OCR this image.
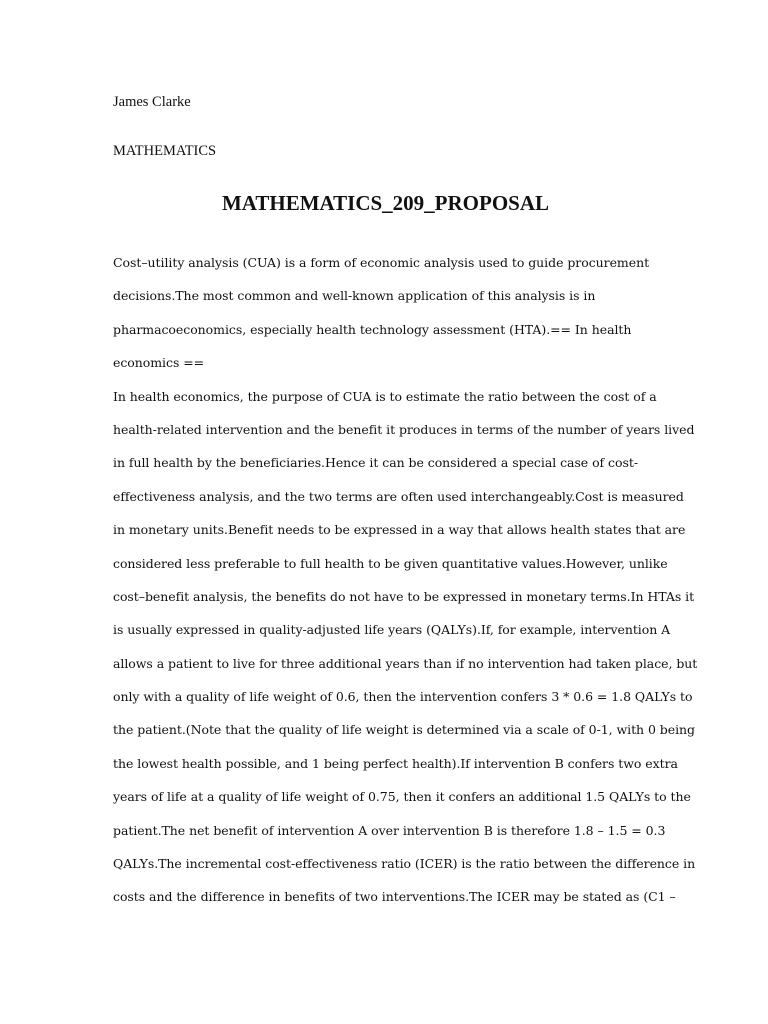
James Clarke
MATHEMATICS
MATHEMATICS_209_PROPOSAL
Cost–utility analysis (CUA) is a form of economic analysis used to guide procurement
decisions.The most common and well-known application of this analysis is in
pharmacoeconomics, especially health technology assessment (HTA).== In health
economics ==
In health economics, the purpose of CUA is to estimate the ratio between the cost of a
health-related intervention and the benefit it produces in terms of the number of years lived
in full health by the beneficiaries.Hence it can be considered a special case of cost-
effectiveness analysis, and the two terms are often used interchangeably.Cost is measured
in monetary units.Benefit needs to be expressed in a way that allows health states that are
considered less preferable to full health to be given quantitative values.However, unlike
cost–benefit analysis, the benefits do not have to be expressed in monetary terms.In HTAs it
is usually expressed in quality-adjusted life years (QALYs).If, for example, intervention A
allows a patient to live for three additional years than if no intervention had taken place, but
only with a quality of life weight of 0.6, then the intervention confers 3 * 0.6 = 1.8 QALYs to
the patient.(Note that the quality of life weight is determined via a scale of 0-1, with 0 being
the lowest health possible, and 1 being perfect health).If intervention B confers two extra
years of life at a quality of life weight of 0.75, then it confers an additional 1.5 QALYs to the
patient.The net benefit of intervention A over intervention B is therefore 1.8 – 1.5 = 0.3
QALYs.The incremental cost-effectiveness ratio (ICER) is the ratio between the difference in
costs and the difference in benefits of two interventions.The ICER may be stated as (C1 –
